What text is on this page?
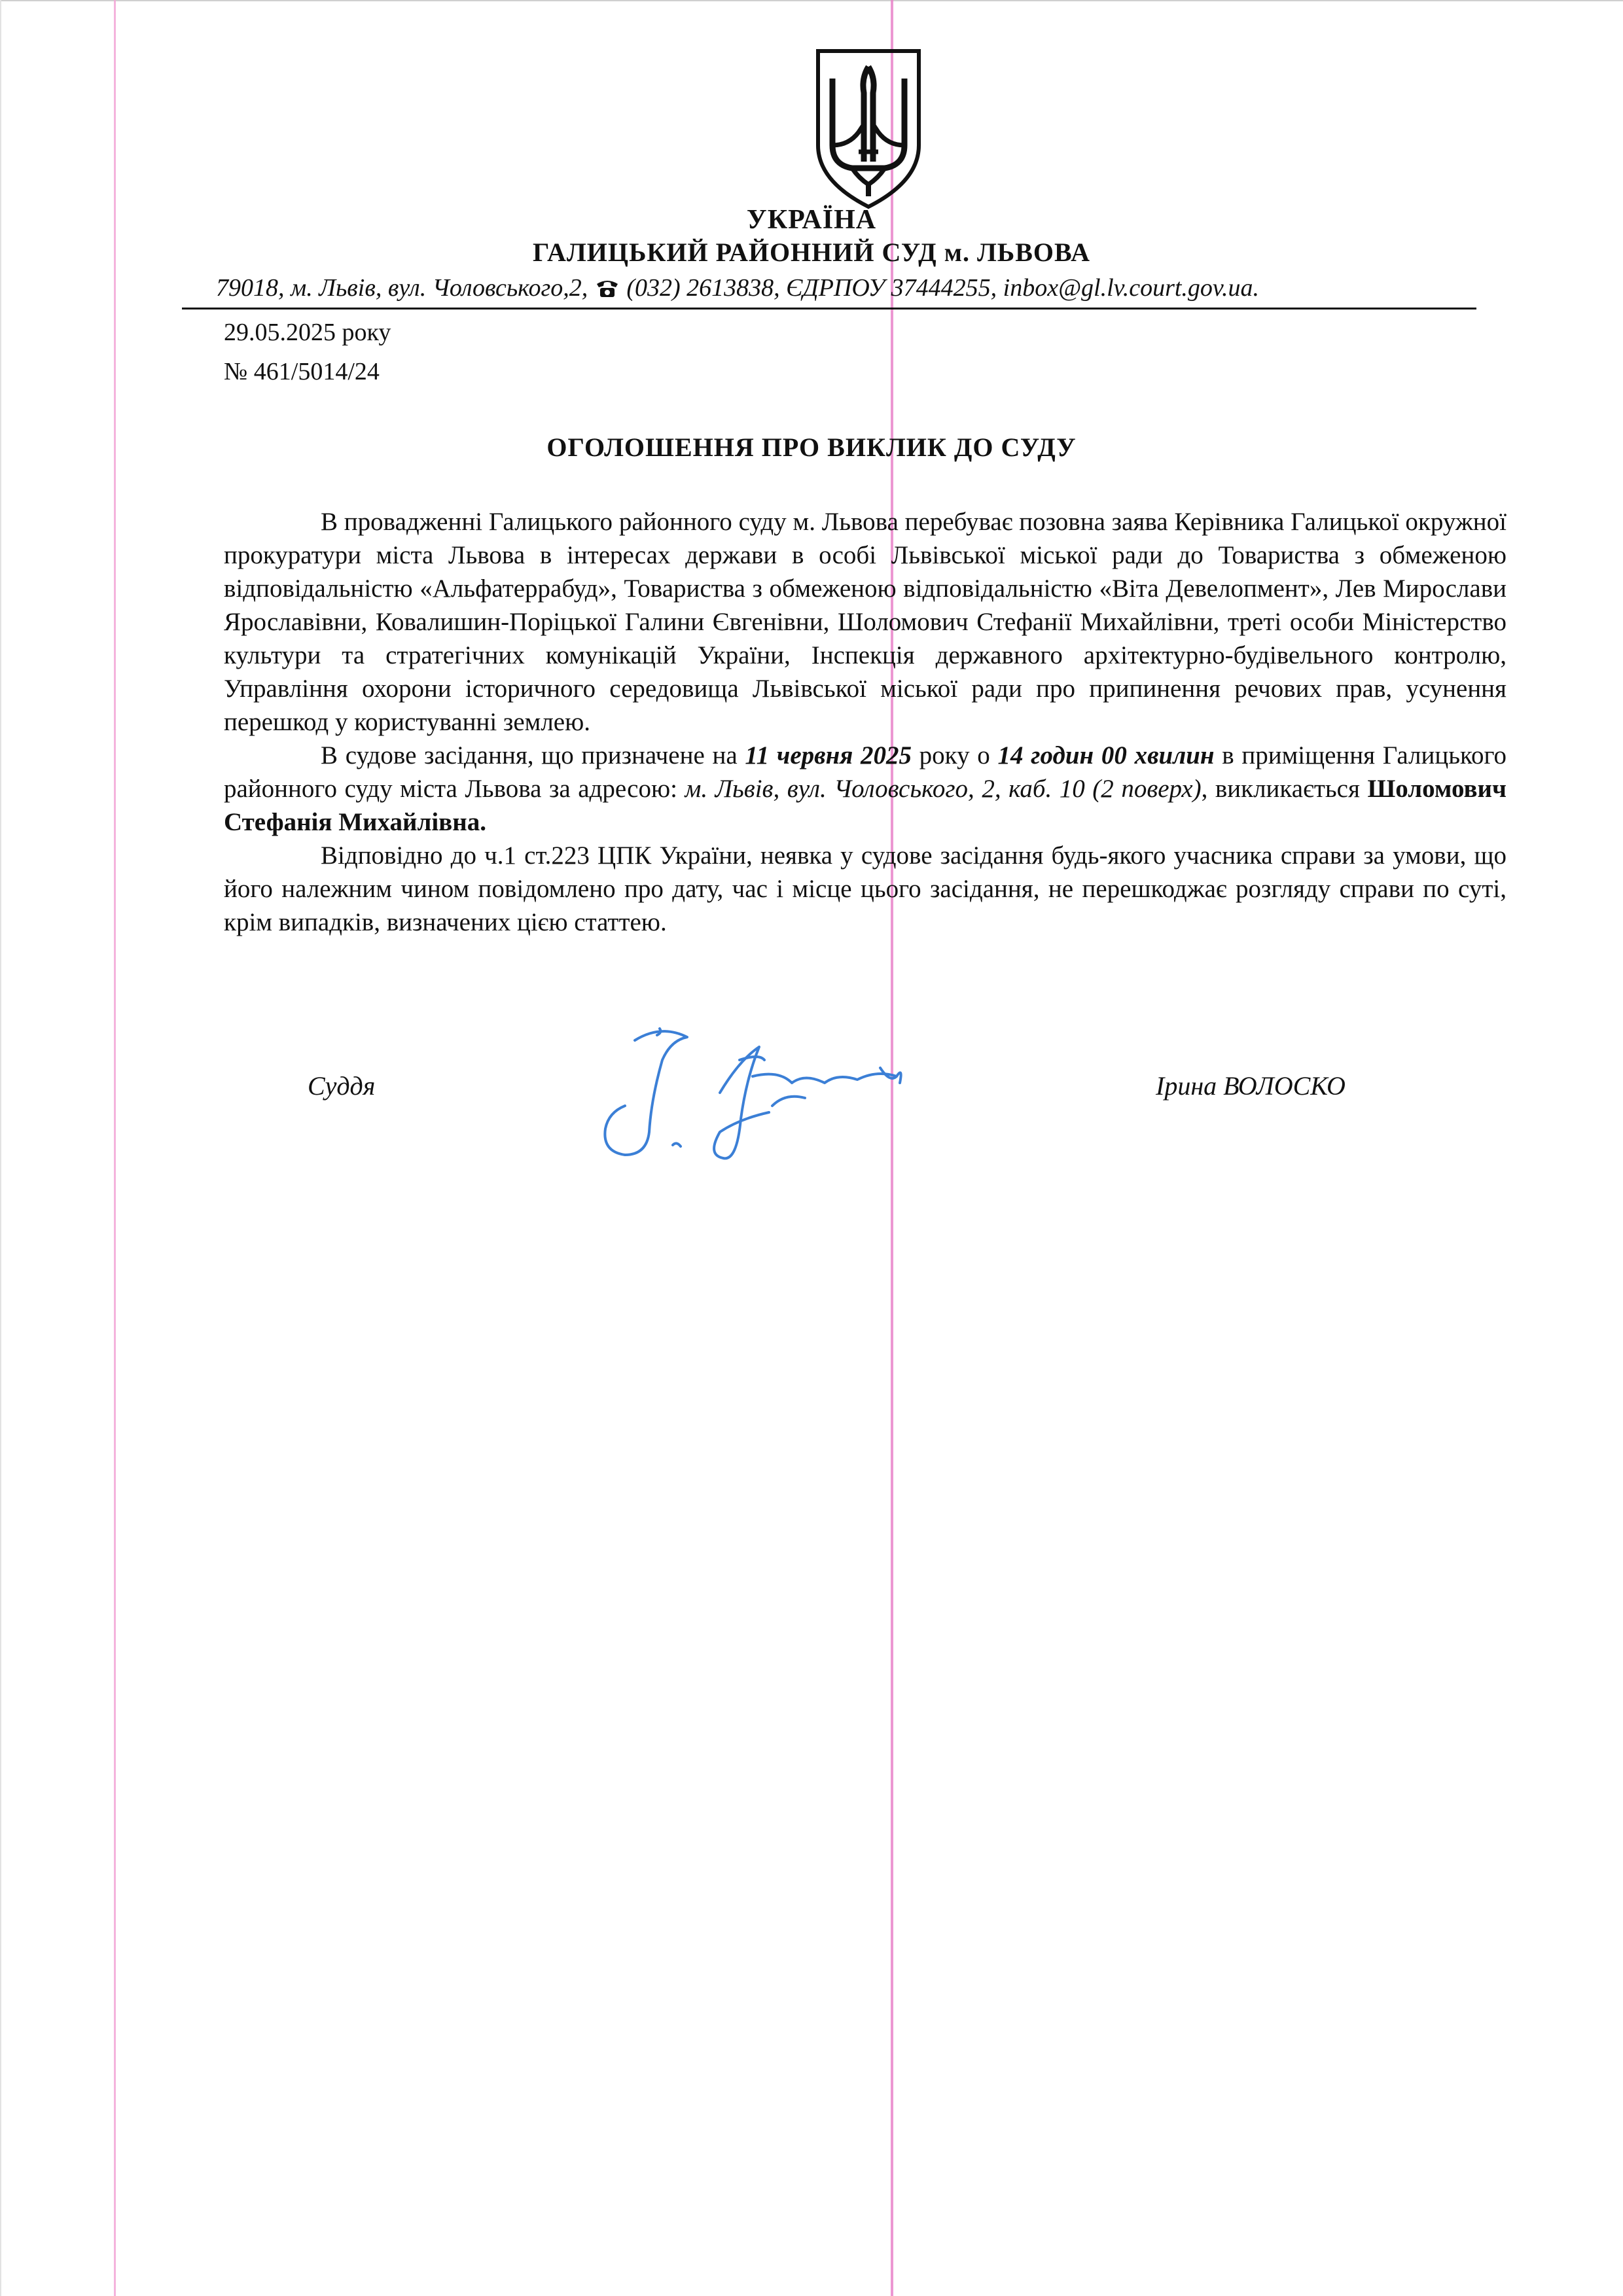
УКРАЇНА
ГАЛИЦЬКИЙ РАЙОННИЙ СУД м. ЛЬВОВА
79018, м. Львів, вул. Чоловського,2,  (032) 2613838, ЄДРПОУ 37444255, inbox@gl.lv.court.gov.ua.
29.05.2025 року
№ 461/5014/24
ОГОЛОШЕННЯ ПРО ВИКЛИК ДО СУДУ

В провадженні Галицького районного суду м. Львова перебуває позовна заява Керівника Галицької окружної прокуратури міста Львова в інтересах держави в особі Львівської міської ради до Товариства з обмеженою відповідальністю «Альфатеррабуд», Товариства з обмеженою відповідальністю «Віта Девелопмент», Лев Мирослави Ярославівни, Ковалишин-Поріцької Галини Євгенівни, Шоломович Стефанії Михайлівни, треті особи Міністерство культури та стратегічних комунікацій України, Інспекція державного архітектурно-будівельного контролю, Управління охорони історичного середовища Львівської міської ради про припинення речових прав, усунення перешкод у користуванні землею.

В судове засідання, що призначене на 11 червня 2025 року о 14 годин 00 хвилин в приміщення Галицького районного суду міста Львова за адресою: м. Львів, вул. Чоловського, 2, каб. 10 (2 поверх), викликається Шоломович Стефанія Михайлівна.

Відповідно до ч.1 ст.223 ЦПК України, неявка у судове засідання будь-якого учасника справи за умови, що його належним чином повідомлено про дату, час і місце цього засідання, не перешкоджає розгляду справи по суті, крім випадків, визначених цією статтею.

Суддя	Ірина ВОЛОСКО
